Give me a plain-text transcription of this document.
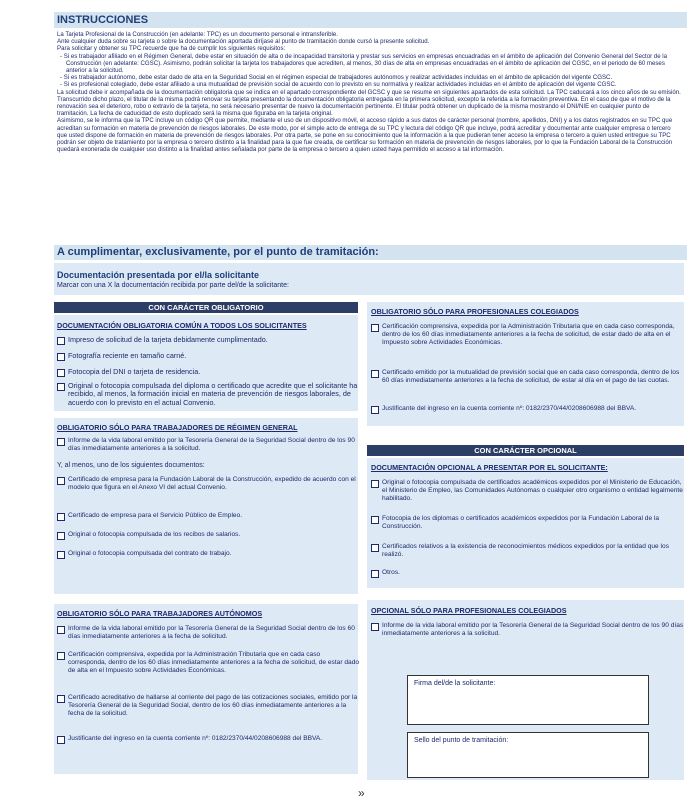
INSTRUCCIONES

La Tarjeta Profesional de la Construcción (en adelante: TPC) es un documento personal e intransferible.

Ante cualquier duda sobre su tarjeta o sobre la documentación aportada diríjase al punto de tramitación donde cursó la presente solicitud.

Para solicitar y obtener su TPC recuerde que ha de cumplir los siguientes requisitos:

- Si es trabajador afiliado en el Régimen General, debe estar en situación de alta o de incapacidad transitoria y prestar sus servicios en empresas encuadradas en el ámbito de aplicación del Convenio General del Sector de la Construcción (en adelante: CGSC). Asimismo, podrán solicitar la tarjeta los trabajadores que acrediten, al menos, 30 días de alta en empresas encuadradas en el ámbito de aplicación del CGSC, en el periodo de 60 meses anterior a la solicitud.

- Si es trabajador autónomo, debe estar dado de alta en la Seguridad Social en el régimen especial de trabajadores autónomos y realizar actividades incluidas en el ámbito de aplicación del vigente CGSC.

- Si es profesional colegiado, debe estar afiliado a una mutualidad de previsión social de acuerdo con lo previsto en su normativa y realizar actividades incluidas en el ámbito de aplicación del vigente CGSC.

La solicitud debe ir acompañada de la documentación obligatoria que se indica en el apartado correspondiente del GCSC y que se resume en siguientes apartados de esta solicitud. La TPC caducará a los cinco años de su emisión. Transcurrido dicho plazo, el titular de la misma podrá renovar su tarjeta presentando la documentación obligatoria entregada en la primera solicitud, excepto la referida a la formación preventiva. En el caso de que el motivo de la renovación sea el deterioro, robo o extravío de la tarjeta, no será necesario presentar de nuevo la documentación pertinente. El titular podrá obtener un duplicado de la misma mostrando el DNI/NIE en cualquier punto de tramitación. La fecha de caducidad de esto duplicado será la misma que figuraba en la tarjeta original.

Asimismo, se le informa que la TPC incluye un código QR que permite, mediante el uso de un dispositivo móvil, el acceso rápido a sus datos de carácter personal (nombre, apellidos, DNI) y a los datos registrados en su TPC que acreditan su formación en materia de prevención de riesgos laborales. De este modo, por el simple acto de entrega de su TPC y lectura del código QR que incluye, podrá acreditar y documentar ante cualquier empresa o tercero que usted dispone de formación en materia de prevención de riesgos laborales. Por otra parte, se pone en su conocimiento que la información a la que pudieran tener acceso la empresa o tercero a quien usted entregue su TPC podrán ser objeto de tratamiento por la empresa o tercero distinto a la finalidad para la que fue creada, de certificar su formación en materia de prevención de riesgos laborales, por lo que la Fundación Laboral de la Construcción quedará exonerada de cualquier uso distinto a la finalidad antes señalada por parte de la empresa o tercero a quien usted haya permitido el acceso a tal información.

A cumplimentar, exclusivamente, por el punto de tramitación:
Documentación presentada por el/la solicitante
Marcar con una X la documentación recibida por parte del/de la solicitante:
CON CARÁCTER OBLIGATORIO
DOCUMENTACIÓN OBLIGATORIA COMÚN A TODOS LOS SOLICITANTES
Impreso de solicitud de la tarjeta debidamente cumplimentado.
Fotografía reciente en tamaño carné.
Fotocopia del DNI o tarjeta de residencia.
Original o fotocopia compulsada del diploma o certificado que acredite que el solicitante ha recibido, al menos, la formación inicial en materia de prevención de riesgos laborales, de acuerdo con lo previsto en el actual Convenio.
OBLIGATORIO SÓLO PARA TRABAJADORES DE RÉGIMEN GENERAL
Informe de la vida laboral emitido por la Tesorería General de la Seguridad Social dentro de los 90 días inmediatamente anteriores a la solicitud.
Y, al menos, uno de los siguientes documentos:
Certificado de empresa para la Fundación Laboral de la Construcción, expedido de acuerdo con el modelo que figura en el Anexo VI del actual Convenio.
Certificado de empresa para el Servicio Público de Empleo.
Original o fotocopia compulsada de los recibos de salarios.
Original o fotocopia compulsada del contrato de trabajo.
OBLIGATORIO SÓLO PARA TRABAJADORES AUTÓNOMOS
Informe de la vida laboral emitido por la Tesorería General de la Seguridad Social dentro de los 60 días inmediatamente anteriores a la fecha de solicitud.
Certificación comprensiva, expedida por la Administración Tributaria que en cada caso corresponda, dentro de los 60 días inmediatamente anteriores a la fecha de solicitud, de estar dado de alta en el Impuesto sobre Actividades Económicas.
Certificado acreditativo de hallarse al corriente del pago de las cotizaciones sociales, emitido por la Tesorería General de la Seguridad Social, dentro de los 60 días inmediatamente anteriores a la fecha de la solicitud.
Justificante del ingreso en la cuenta corriente nº: 0182/2370/44/0208606988 del BBVA.
OBLIGATORIO SÓLO PARA PROFESIONALES COLEGIADOS
Certificación comprensiva, expedida por la Administración Tributaria que en cada caso corresponda, dentro de los 60 días inmediatamente anteriores a la fecha de solicitud, de estar dado de alta en el Impuesto sobre Actividades Económicas.
Certificado emitido por la mutualidad de previsión social que en cada caso corresponda, dentro de los 60 días inmediatamente anteriores a la fecha de solicitud, de estar al día en el pago de las cuotas.
Justificante del ingreso en la cuenta corriente nº: 0182/2370/44/0208606988 del BBVA.
CON CARÁCTER OPCIONAL
DOCUMENTACIÓN OPCIONAL A PRESENTAR POR EL SOLICITANTE:
Original o fotocopia compulsada de certificados académicos expedidos por el Ministerio de Educación, el Ministerio de Empleo, las Comunidades Autónomas o cualquier otro organismo o entidad legalmente habilitado.
Fotocopia de los diplomas o certificados académicos expedidos por la Fundación Laboral de la Construcción.
Certificados relativos a la existencia de reconocimientos médicos expedidos por la entidad que los realizó.
Otros.
OPCIONAL SÓLO PARA PROFESIONALES COLEGIADOS
Informe de la vida laboral emitido por la Tesorería General de la Seguridad Social dentro de los 90 días inmediatamente anteriores a la solicitud.
Firma del/de la solicitante:
Sello del punto de tramitación:
»
